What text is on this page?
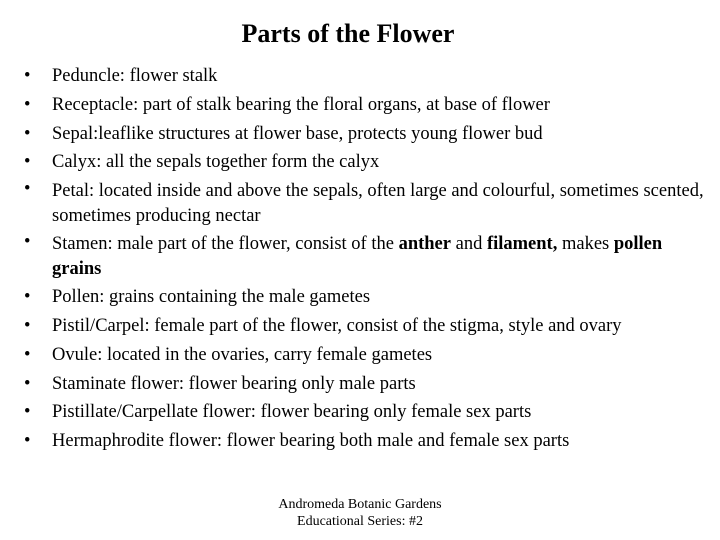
Parts of the Flower
• Peduncle: flower stalk
• Receptacle: part of stalk bearing the floral organs, at base of flower
• Sepal:leaflike structures at flower base, protects young flower bud
• Calyx: all the sepals together form the calyx
• Petal: located inside and above the sepals, often large and colourful, sometimes scented, sometimes producing nectar
• Stamen: male part of the flower, consist of the anther and filament, makes pollen grains
• Pollen: grains containing the male gametes
• Pistil/Carpel: female part of the flower, consist of the stigma, style and ovary
• Ovule: located in the ovaries, carry female gametes
• Staminate flower: flower bearing only male parts
• Pistillate/Carpellate flower: flower bearing only female sex parts
• Hermaphrodite flower: flower bearing both male and female sex parts
Andromeda Botanic Gardens
Educational Series: #2
